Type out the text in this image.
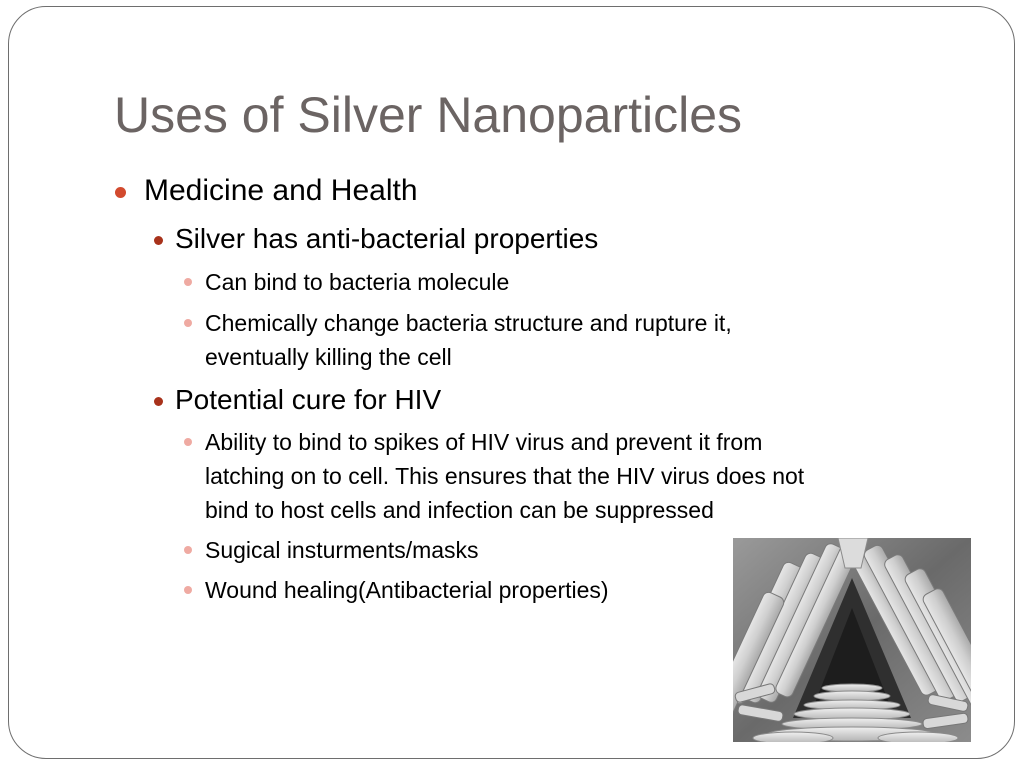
Uses of Silver Nanoparticles

Medicine and Health

Silver has anti-bacterial properties

Can bind to bacteria molecule

Chemically change bacteria structure and rupture it,
eventually killing the cell

Potential cure for HIV

Ability to bind to spikes of HIV virus and prevent it from
latching on to cell. This ensures that the HIV virus does not
bind to host cells and infection can be suppressed

Sugical insturments/masks

Wound healing(Antibacterial properties)
